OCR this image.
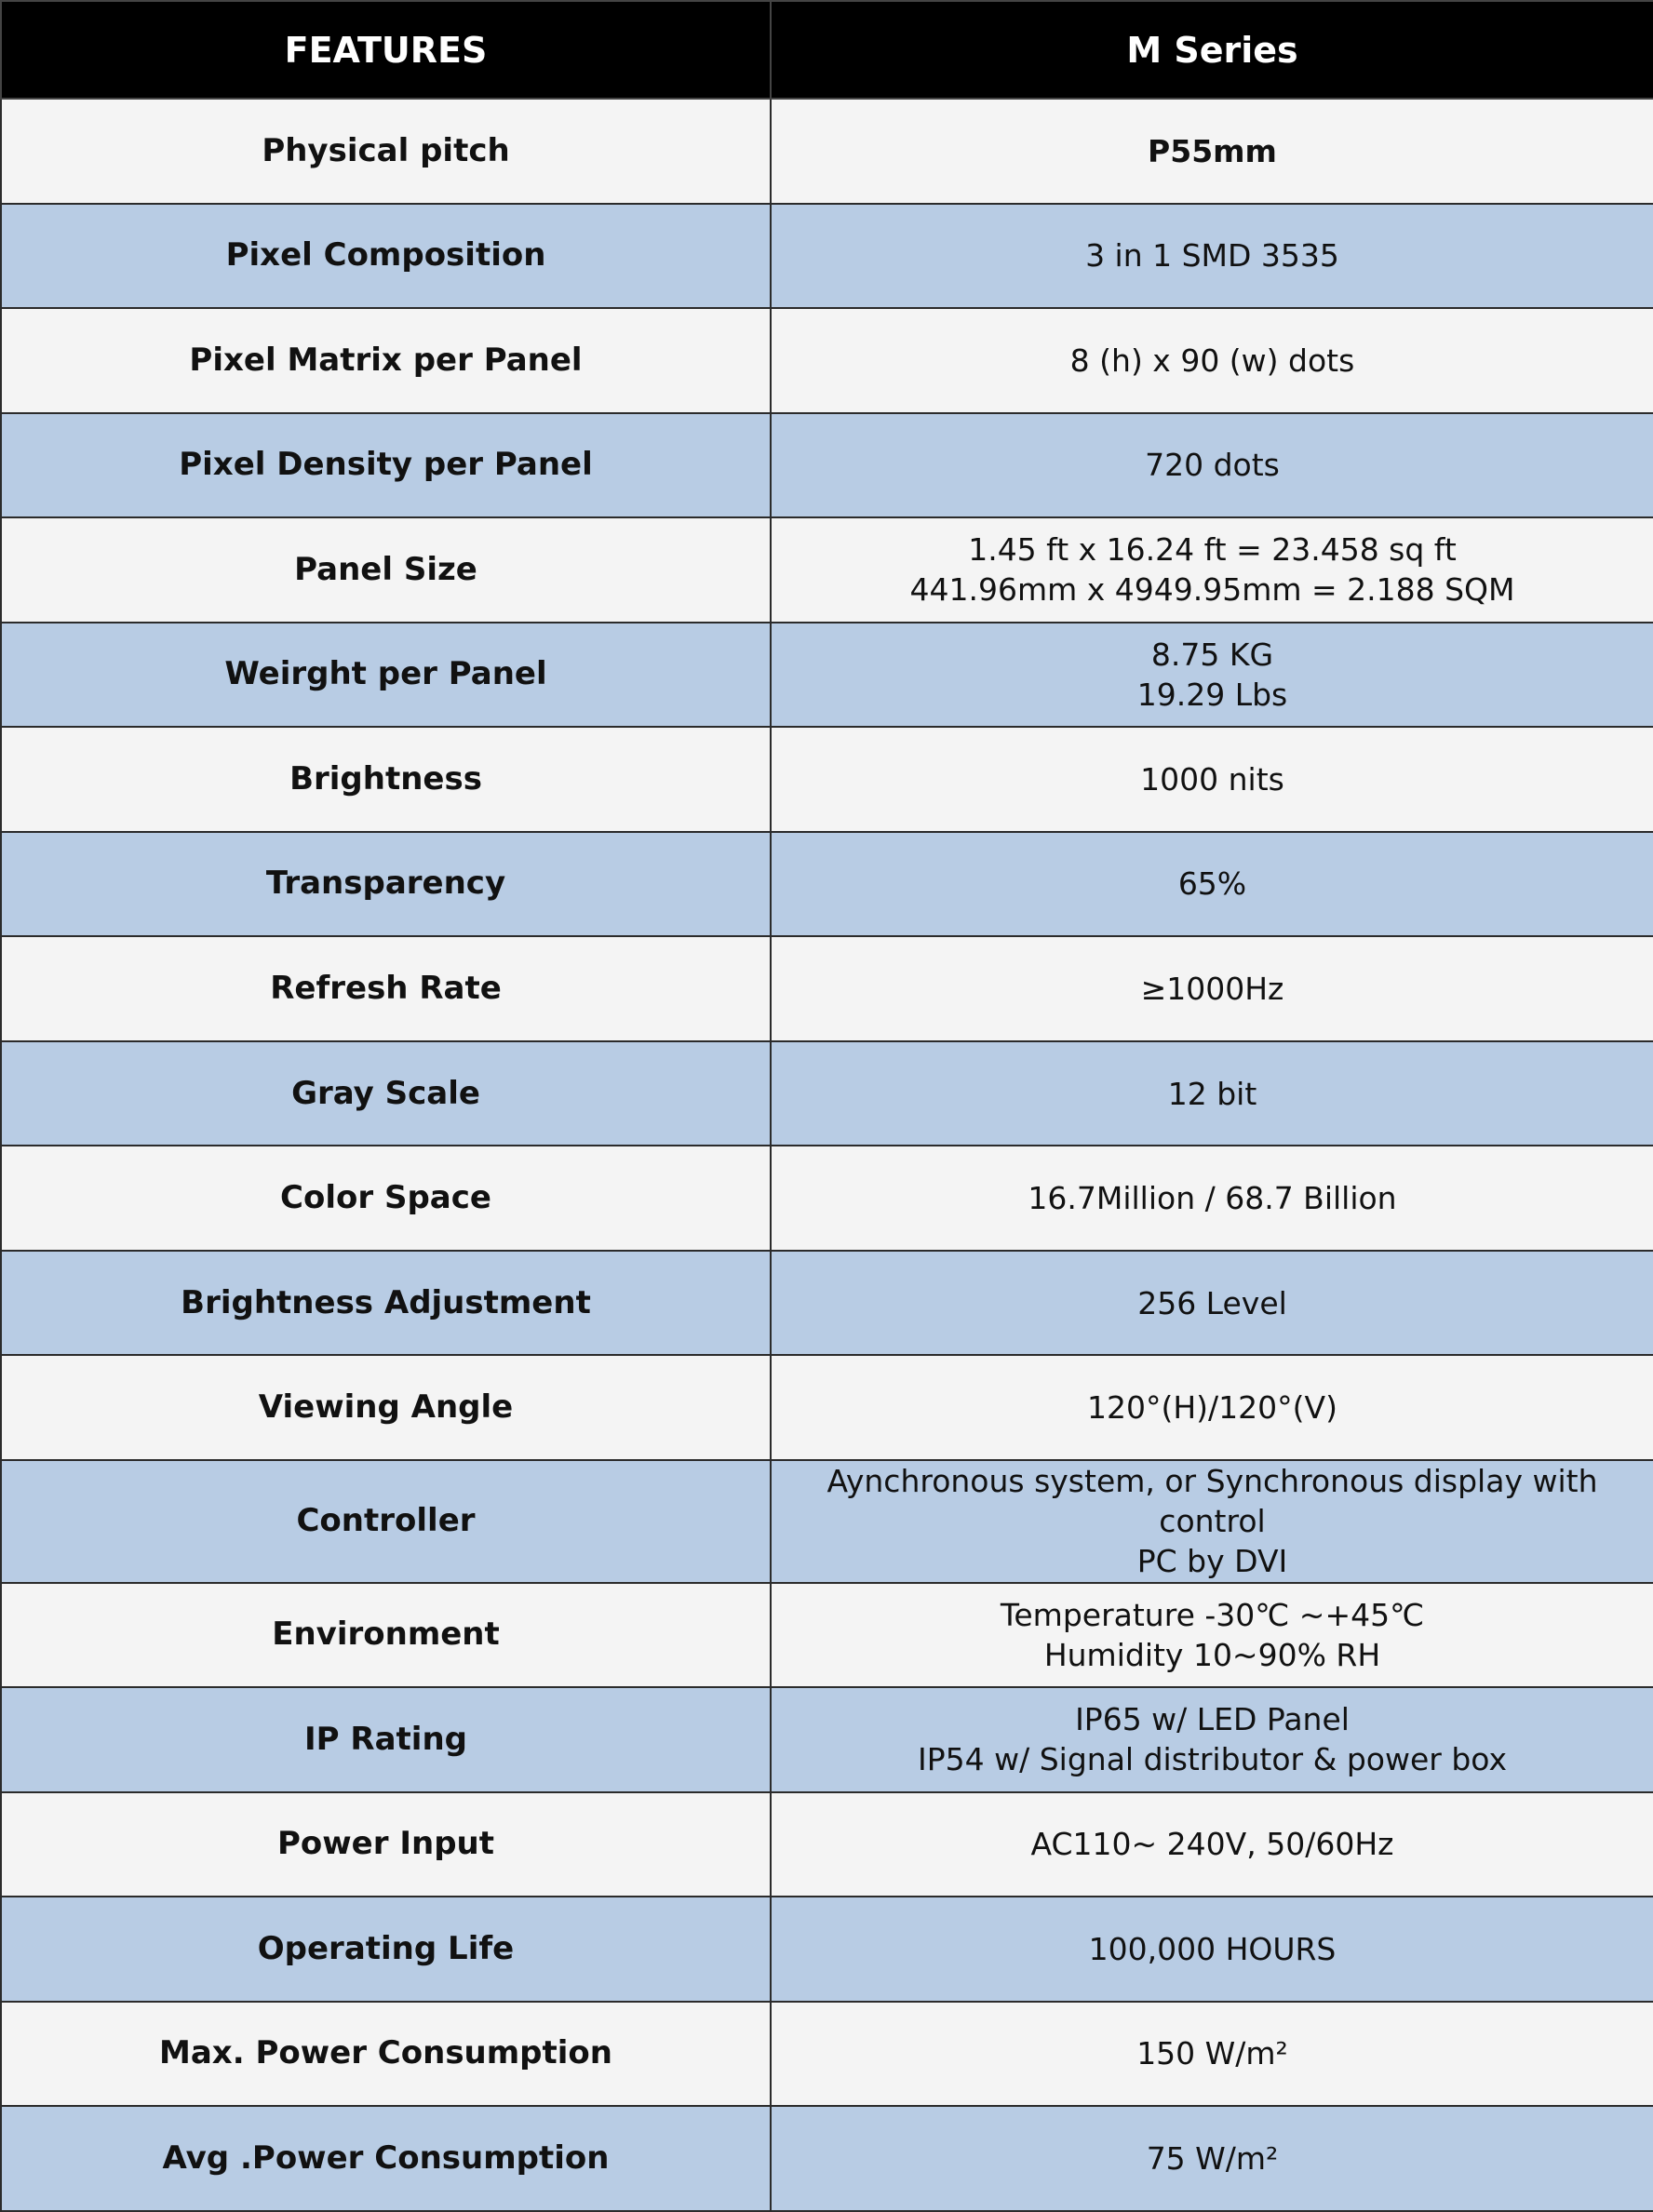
FEATURES	M Series
Physical pitch	P55mm

Pixel Composition	3 in 1 SMD 3535

Pixel Matrix per Panel	8 (h) x 90 (w) dots

Pixel Density per Panel	720 dots

Panel Size	1.45 ft x 16.24 ft = 23.458 sq ft
441.96mm x 4949.95mm = 2.188 SQM

Weirght per Panel	8.75 KG
19.29 Lbs

Brightness	1000 nits

Transparency	65%

Refresh Rate	≥1000Hz

Gray Scale	12 bit

Color Space	16.7Million / 68.7 Billion

Brightness Adjustment	256 Level

Viewing Angle	120°(H)/120°(V)

Controller	Aynchronous system, or Synchronous display with control
PC by DVI

Environment	Temperature -30℃ ~+45℃
Humidity 10~90% RH

IP Rating	IP65 w/ LED Panel
IP54 w/ Signal distributor & power box

Power Input	AC110~ 240V, 50/60Hz

Operating Life	100,000 HOURS

Max. Power Consumption	150 W/m²

Avg .Power Consumption	75 W/m²
